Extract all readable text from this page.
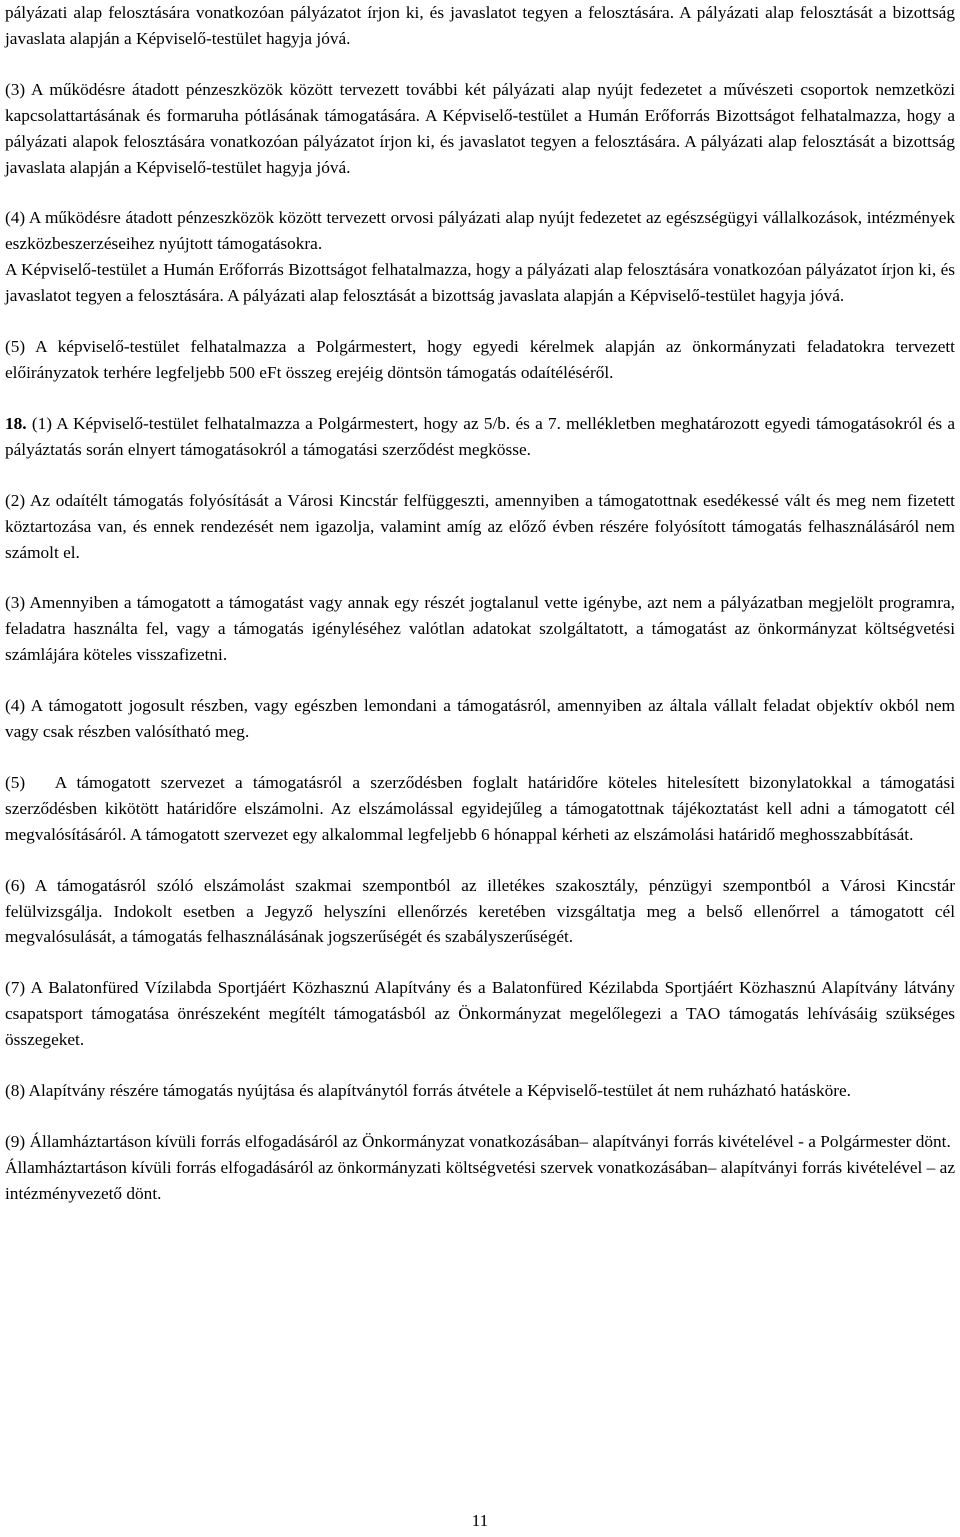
pályázati alap felosztására vonatkozóan pályázatot írjon ki, és javaslatot tegyen a felosztására. A pályázati alap felosztását a bizottság javaslata alapján a Képviselő-testület hagyja jóvá.

(3) A működésre átadott pénzeszközök között tervezett további két pályázati alap nyújt fedezetet a művészeti csoportok nemzetközi kapcsolattartásának és formaruha pótlásának támogatására. A Képviselő-testület a Humán Erőforrás Bizottságot felhatalmazza, hogy a pályázati alapok felosztására vonatkozóan pályázatot írjon ki, és javaslatot tegyen a felosztására. A pályázati alap felosztását a bizottság javaslata alapján a Képviselő-testület hagyja jóvá.

(4) A működésre átadott pénzeszközök között tervezett orvosi pályázati alap nyújt fedezetet az egészségügyi vállalkozások, intézmények eszközbeszerzéseihez nyújtott támogatásokra.

A Képviselő-testület a Humán Erőforrás Bizottságot felhatalmazza, hogy a pályázati alap felosztására vonatkozóan pályázatot írjon ki, és javaslatot tegyen a felosztására. A pályázati alap felosztását a bizottság javaslata alapján a Képviselő-testület hagyja jóvá.

(5) A képviselő-testület felhatalmazza a Polgármestert, hogy egyedi kérelmek alapján az önkormányzati feladatokra tervezett előirányzatok terhére legfeljebb 500 eFt összeg erejéig döntsön támogatás odaítéléséről.

18. (1) A Képviselő-testület felhatalmazza a Polgármestert, hogy az 5/b. és a 7. mellékletben meghatározott egyedi támogatásokról és a pályáztatás során elnyert támogatásokról a támogatási szerződést megkösse.

(2) Az odaítélt támogatás folyósítását a Városi Kincstár felfüggeszti, amennyiben a támogatottnak esedékessé vált és meg nem fizetett köztartozása van, és ennek rendezését nem igazolja, valamint amíg az előző évben részére folyósított támogatás felhasználásáról nem számolt el.

(3) Amennyiben a támogatott a támogatást vagy annak egy részét jogtalanul vette igénybe, azt nem a pályázatban megjelölt programra, feladatra használta fel, vagy a támogatás igényléséhez valótlan adatokat szolgáltatott, a támogatást az önkormányzat költségvetési számlájára köteles visszafizetni.

(4) A támogatott jogosult részben, vagy egészben lemondani a támogatásról, amennyiben az általa vállalt feladat objektív okból nem vagy csak részben valósítható meg.

(5)   A támogatott szervezet a támogatásról a szerződésben foglalt határidőre köteles hitelesített bizonylatokkal a támogatási szerződésben kikötött határidőre elszámolni. Az elszámolással egyidejűleg a támogatottnak tájékoztatást kell adni a támogatott cél megvalósításáról. A támogatott szervezet egy alkalommal legfeljebb 6 hónappal kérheti az elszámolási határidő meghosszabbítását.

(6) A támogatásról szóló elszámolást szakmai szempontból az illetékes szakosztály, pénzügyi szempontból a Városi Kincstár felülvizsgálja. Indokolt esetben a Jegyző helyszíni ellenőrzés keretében vizsgáltatja meg a belső ellenőrrel a támogatott cél megvalósulását, a támogatás felhasználásának jogszerűségét és szabályszerűségét.

(7) A Balatonfüred Vízilabda Sportjáért Közhasznú Alapítvány és a Balatonfüred Kézilabda Sportjáért Közhasznú Alapítvány látvány csapatsport támogatása önrészeként megítélt támogatásból az Önkormányzat megelőlegezi a TAO támogatás lehívásáig szükséges összegeket.

(8) Alapítvány részére támogatás nyújtása és alapítványtól forrás átvétele a Képviselő-testület át nem ruházható hatásköre.

(9) Államháztartáson kívüli forrás elfogadásáról az Önkormányzat vonatkozásában– alapítványi forrás kivételével - a Polgármester dönt.

Államháztartáson kívüli forrás elfogadásáról az önkormányzati költségvetési szervek vonatkozásában– alapítványi forrás kivételével – az intézményvezető dönt.

11
